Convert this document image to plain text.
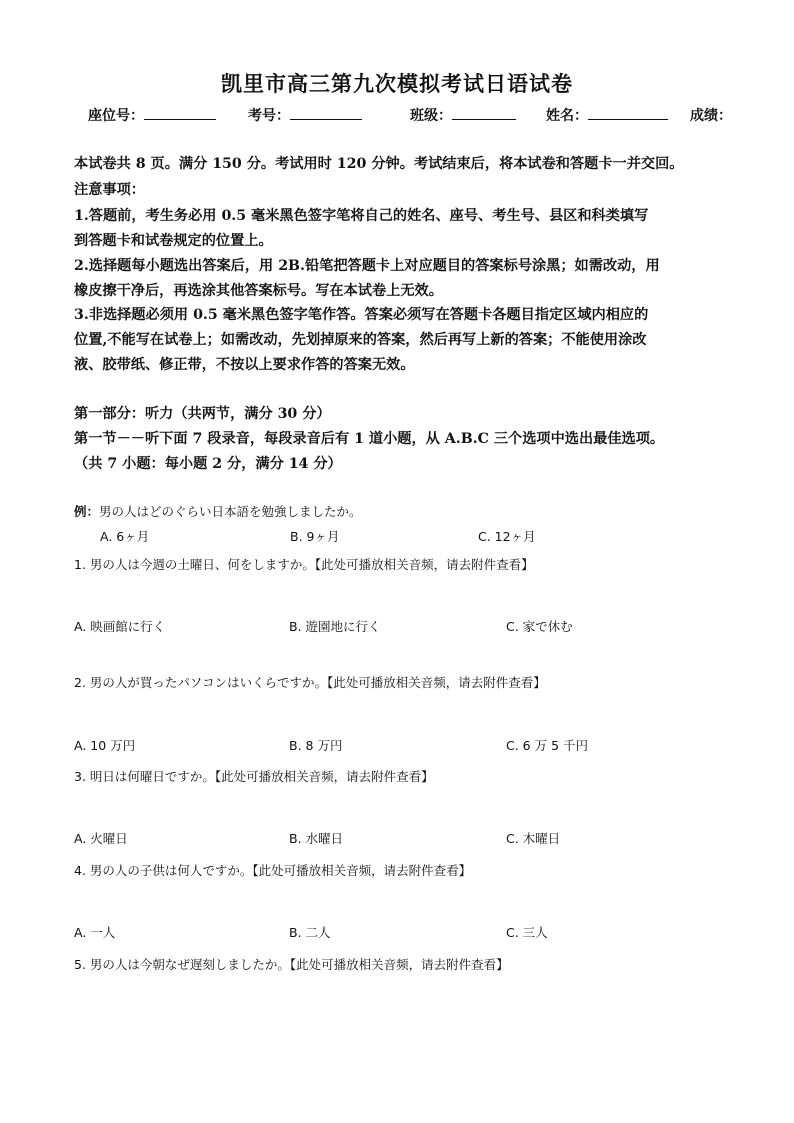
凯里市高三第九次模拟考试日语试卷
座位号：	考号：	班级：	姓名：	成绩：
本试卷共 8 页。满分 150 分。考试用时 120 分钟。考试结束后，将本试卷和答题卡一并交回。
注意事项：
1.答题前，考生务必用 0.5 毫米黑色签字笔将自己的姓名、座号、考生号、县区和科类填写
到答题卡和试卷规定的位置上。
2.选择题每小题选出答案后，用 2B.铅笔把答题卡上对应题目的答案标号涂黑；如需改动，用
橡皮擦干净后，再选涂其他答案标号。写在本试卷上无效。
3.非选择题必须用 0.5 毫米黑色签字笔作答。答案必须写在答题卡各题目指定区域内相应的
位置,不能写在试卷上；如需改动，先划掉原来的答案，然后再写上新的答案；不能使用涂改
液、胶带纸、修正带，不按以上要求作答的答案无效。
第一部分：听力（共两节，满分 30 分）
第一节－－听下面 7 段录音，每段录音后有 1 道小题，从 A.B.C 三个选项中选出最佳选项。
（共 7 小题：每小题 2 分，满分 14 分）
例：男の人はどのぐらい日本語を勉強しましたか。
A. 6ヶ月	B. 9ヶ月	C. 12ヶ月
1. 男の人は今週の土曜日、何をしますか。【此处可播放相关音频，请去附件查看】
A. 映画館に行く	B. 遊園地に行く	C. 家で休む
2. 男の人が買ったパソコンはいくらですか。【此处可播放相关音频，请去附件查看】
A. 10 万円	B. 8 万円	C. 6 万 5 千円
3. 明日は何曜日ですか。【此处可播放相关音频，请去附件查看】
A. 火曜日	B. 水曜日	C. 木曜日
4. 男の人の子供は何人ですか。【此处可播放相关音频，请去附件查看】
A. 一人	B. 二人	C. 三人
5. 男の人は今朝なぜ遅刻しましたか。【此处可播放相关音频，请去附件查看】
